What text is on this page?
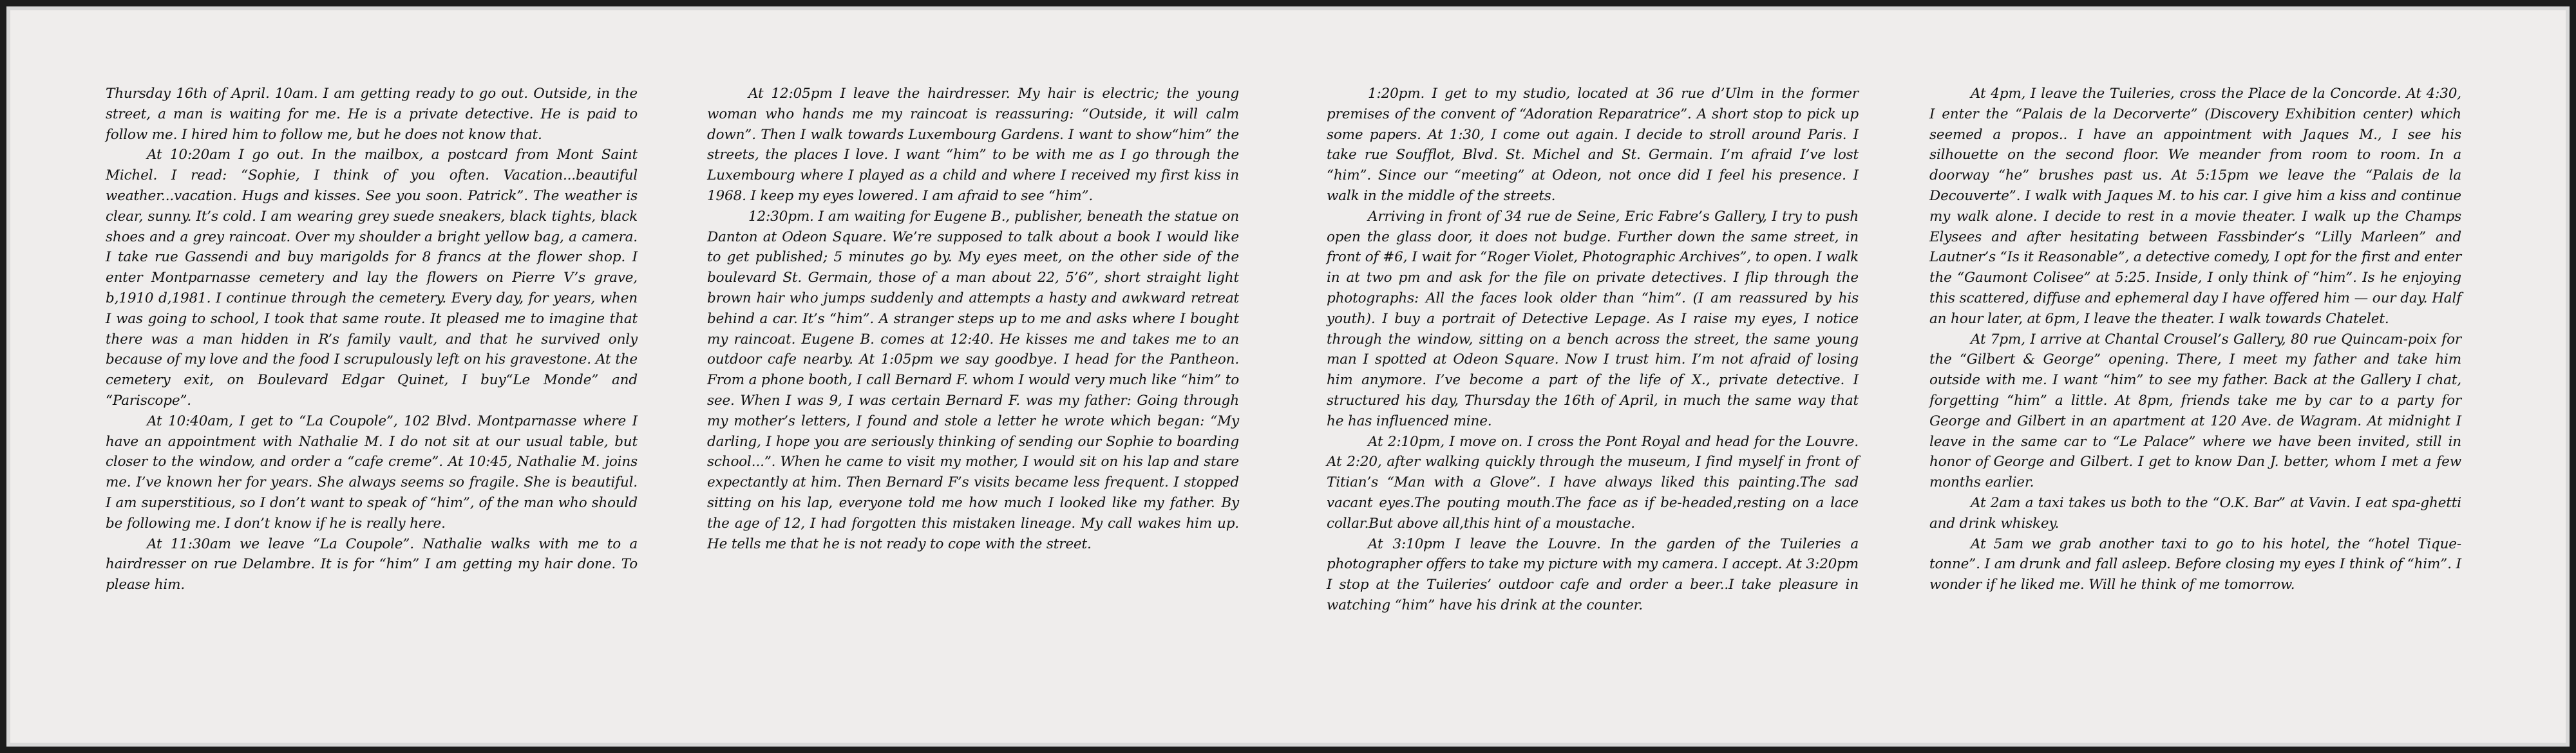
Thursday 16th of April. 10am. I am getting ready to go out. Outside, in the street, a man is waiting for me. He is a private detective. He is paid to follow me. I hired him to follow me, but he does not know that.

At 10:20am I go out. In the mailbox, a postcard from Mont Saint Michel. I read: “Sophie, I think of you often. Vacation...beautiful weather...vacation. Hugs and kisses. See you soon. Patrick”. The weather is clear, sunny. It’s cold. I am wearing grey suede sneakers, black tights, black shoes and a grey raincoat. Over my shoulder a bright yellow bag, a camera. I take rue Gassendi and buy marigolds for 8 francs at the flower shop. I enter Montparnasse cemetery and lay the flowers on Pierre V’s grave, b,1910 d,1981. I continue through the cemetery. Every day, for years, when I was going to school, I took that same route. It pleased me to imagine that there was a man hidden in R’s family vault, and that he survived only because of my love and the food I scrupulously left on his gravestone. At the cemetery exit, on Boulevard Edgar Quinet, I buy“Le Monde” and “Pariscope”.

At 10:40am, I get to “La Coupole”, 102 Blvd. Montparnasse where I have an appointment with Nathalie M. I do not sit at our usual table, but closer to the window, and order a “cafe creme”. At 10:45, Nathalie M. joins me. I’ve known her for years. She always seems so fragile. She is beautiful. I am superstitious, so I don’t want to speak of “him”, of the man who should be following me. I don’t know if he is really here.

At 11:30am we leave “La Coupole”. Nathalie walks with me to a hairdresser on rue Delambre. It is for “him” I am getting my hair done. To please him.

At 12:05pm I leave the hairdresser. My hair is electric; the young woman who hands me my raincoat is reassuring: “Outside, it will calm down”. Then I walk towards Luxembourg Gardens. I want to show“him” the streets, the places I love. I want “him” to be with me as I go through the Luxembourg where I played as a child and where I received my first kiss in 1968. I keep my eyes lowered. I am afraid to see “him”.

12:30pm. I am waiting for Eugene B., publisher, beneath the statue on Danton at Odeon Square. We’re supposed to talk about a book I would like to get published; 5 minutes go by. My eyes meet, on the other side of the boulevard St. Germain, those of a man about 22, 5’6”, short straight light brown hair who jumps suddenly and attempts a hasty and awkward retreat behind a car. It’s “him”. A stranger steps up to me and asks where I bought my raincoat. Eugene B. comes at 12:40. He kisses me and takes me to an outdoor cafe nearby. At 1:05pm we say goodbye. I head for the Pantheon. From a phone booth, I call Bernard F. whom I would very much like “him” to see. When I was 9, I was certain Bernard F. was my father: Going through my mother’s letters, I found and stole a letter he wrote which began: “My darling, I hope you are seriously thinking of sending our Sophie to boarding school...”. When he came to visit my mother, I would sit on his lap and stare expectantly at him. Then Bernard F’s visits became less frequent. I stopped sitting on his lap, everyone told me how much I looked like my father. By the age of 12, I had forgotten this mistaken lineage. My call wakes him up. He tells me that he is not ready to cope with the street.

1:20pm. I get to my studio, located at 36 rue d’Ulm in the former premises of the convent of “Adoration Reparatrice”. A short stop to pick up some papers. At 1:30, I come out again. I decide to stroll around Paris. I take rue Soufflot, Blvd. St. Michel and St. Germain. I’m afraid I’ve lost “him”. Since our “meeting” at Odeon, not once did I feel his presence. I walk in the middle of the streets.

Arriving in front of 34 rue de Seine, Eric Fabre’s Gallery, I try to push open the glass door, it does not budge. Further down the same street, in front of #6, I wait for “Roger Violet, Photographic Archives”, to open. I walk in at two pm and ask for the file on private detectives. I flip through the photographs: All the faces look older than “him”. (I am reassured by his youth). I buy a portrait of Detective Lepage. As I raise my eyes, I notice through the window, sitting on a bench across the street, the same young man I spotted at Odeon Square. Now I trust him. I’m not afraid of losing him anymore. I’ve become a part of the life of X., private detective. I structured his day, Thursday the 16th of April, in much the same way that he has influenced mine.

At 2:10pm, I move on. I cross the Pont Royal and head for the Louvre. At 2:20, after walking quickly through the museum, I find myself in front of Titian’s “Man with a Glove”. I have always liked this painting.The sad vacant eyes.The pouting mouth.The face as if be-headed,resting on a lace collar.But above all,this hint of a moustache.

At 3:10pm I leave the Louvre. In the garden of the Tuileries a photographer offers to take my picture with my camera. I accept. At 3:20pm I stop at the Tuileries’ outdoor cafe and order a beer..I take pleasure in watching “him” have his drink at the counter.

At 4pm, I leave the Tuileries, cross the Place de la Concorde. At 4:30, I enter the “Palais de la Decorverte” (Discovery Exhibition center) which seemed a propos.. I have an appointment with Jaques M., I see his silhouette on the second floor. We meander from room to room. In a doorway “he” brushes past us. At 5:15pm we leave the “Palais de la Decouverte”. I walk with Jaques M. to his car. I give him a kiss and continue my walk alone. I decide to rest in a movie theater. I walk up the Champs Elysees and after hesitating between Fassbinder’s “Lilly Marleen” and Lautner’s “Is it Reasonable”, a detective comedy, I opt for the first and enter the “Gaumont Colisee” at 5:25. Inside, I only think of “him”. Is he enjoying this scattered, diffuse and ephemeral day I have offered him — our day. Half an hour later, at 6pm, I leave the theater. I walk towards Chatelet.

At 7pm, I arrive at Chantal Crousel’s Gallery, 80 rue Quincam-poix for the “Gilbert & George” opening. There, I meet my father and take him outside with me. I want “him” to see my father. Back at the Gallery I chat, forgetting “him” a little. At 8pm, friends take me by car to a party for George and Gilbert in an apartment at 120 Ave. de Wagram. At midnight I leave in the same car to “Le Palace” where we have been invited, still in honor of George and Gilbert. I get to know Dan J. better, whom I met a few months earlier.

At 2am a taxi takes us both to the “O.K. Bar” at Vavin. I eat spa-ghetti and drink whiskey.

At 5am we grab another taxi to go to his hotel, the “hotel Tique-tonne”. I am drunk and fall asleep. Before closing my eyes I think of “him”. I wonder if he liked me. Will he think of me tomorrow.
